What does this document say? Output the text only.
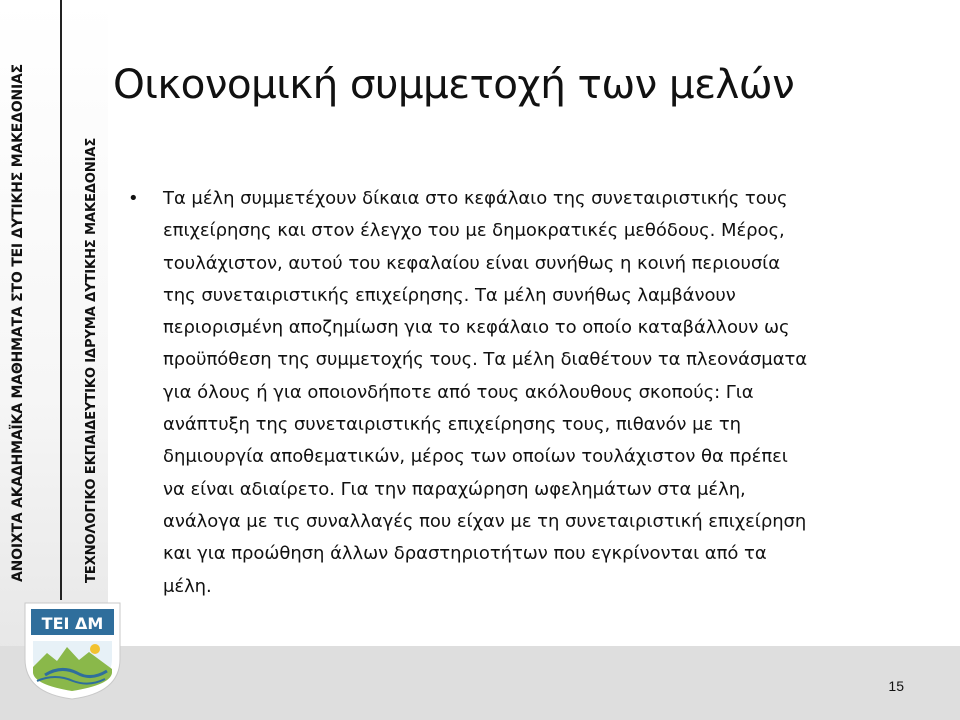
ΑΝΟΙΧΤΑ ΑΚΑΔΗΜΑΪΚΑ ΜΑΘΗΜΑΤΑ ΣΤΟ ΤΕΙ ΔΥΤΙΚΗΣ ΜΑΚΕΔΟΝΙΑΣ	ΤΕΧΝΟΛΟΓΙΚΟ ΕΚΠΑΙΔΕΥΤΙΚΟ ΙΔΡΥΜΑ ΔΥΤΙΚΗΣ ΜΑΚΕΔΟΝΙΑΣ
ΤΕΙ ΔΜ
Οικονομική συμμετοχή των μελών
• Τα μέλη συμμετέχουν δίκαια στο κεφάλαιο της συνεταιριστικής τους
επιχείρησης και στον έλεγχο του με δημοκρατικές μεθόδους. Μέρος,
τουλάχιστον, αυτού του κεφαλαίου είναι συνήθως η κοινή περιουσία
της συνεταιριστικής επιχείρησης. Τα μέλη συνήθως λαμβάνουν
περιορισμένη αποζημίωση για το κεφάλαιο το οποίο καταβάλλουν ως
προϋπόθεση της συμμετοχής τους. Τα μέλη διαθέτουν τα πλεονάσματα
για όλους ή για οποιονδήποτε από τους ακόλουθους σκοπούς: Για
ανάπτυξη της συνεταιριστικής επιχείρησης τους, πιθανόν με τη
δημιουργία αποθεματικών, μέρος των οποίων τουλάχιστον θα πρέπει
να είναι αδιαίρετο. Για την παραχώρηση ωφελημάτων στα μέλη,
ανάλογα με τις συναλλαγές που είχαν με τη συνεταιριστική επιχείρηση
και για προώθηση άλλων δραστηριοτήτων που εγκρίνονται από τα
μέλη.

15
